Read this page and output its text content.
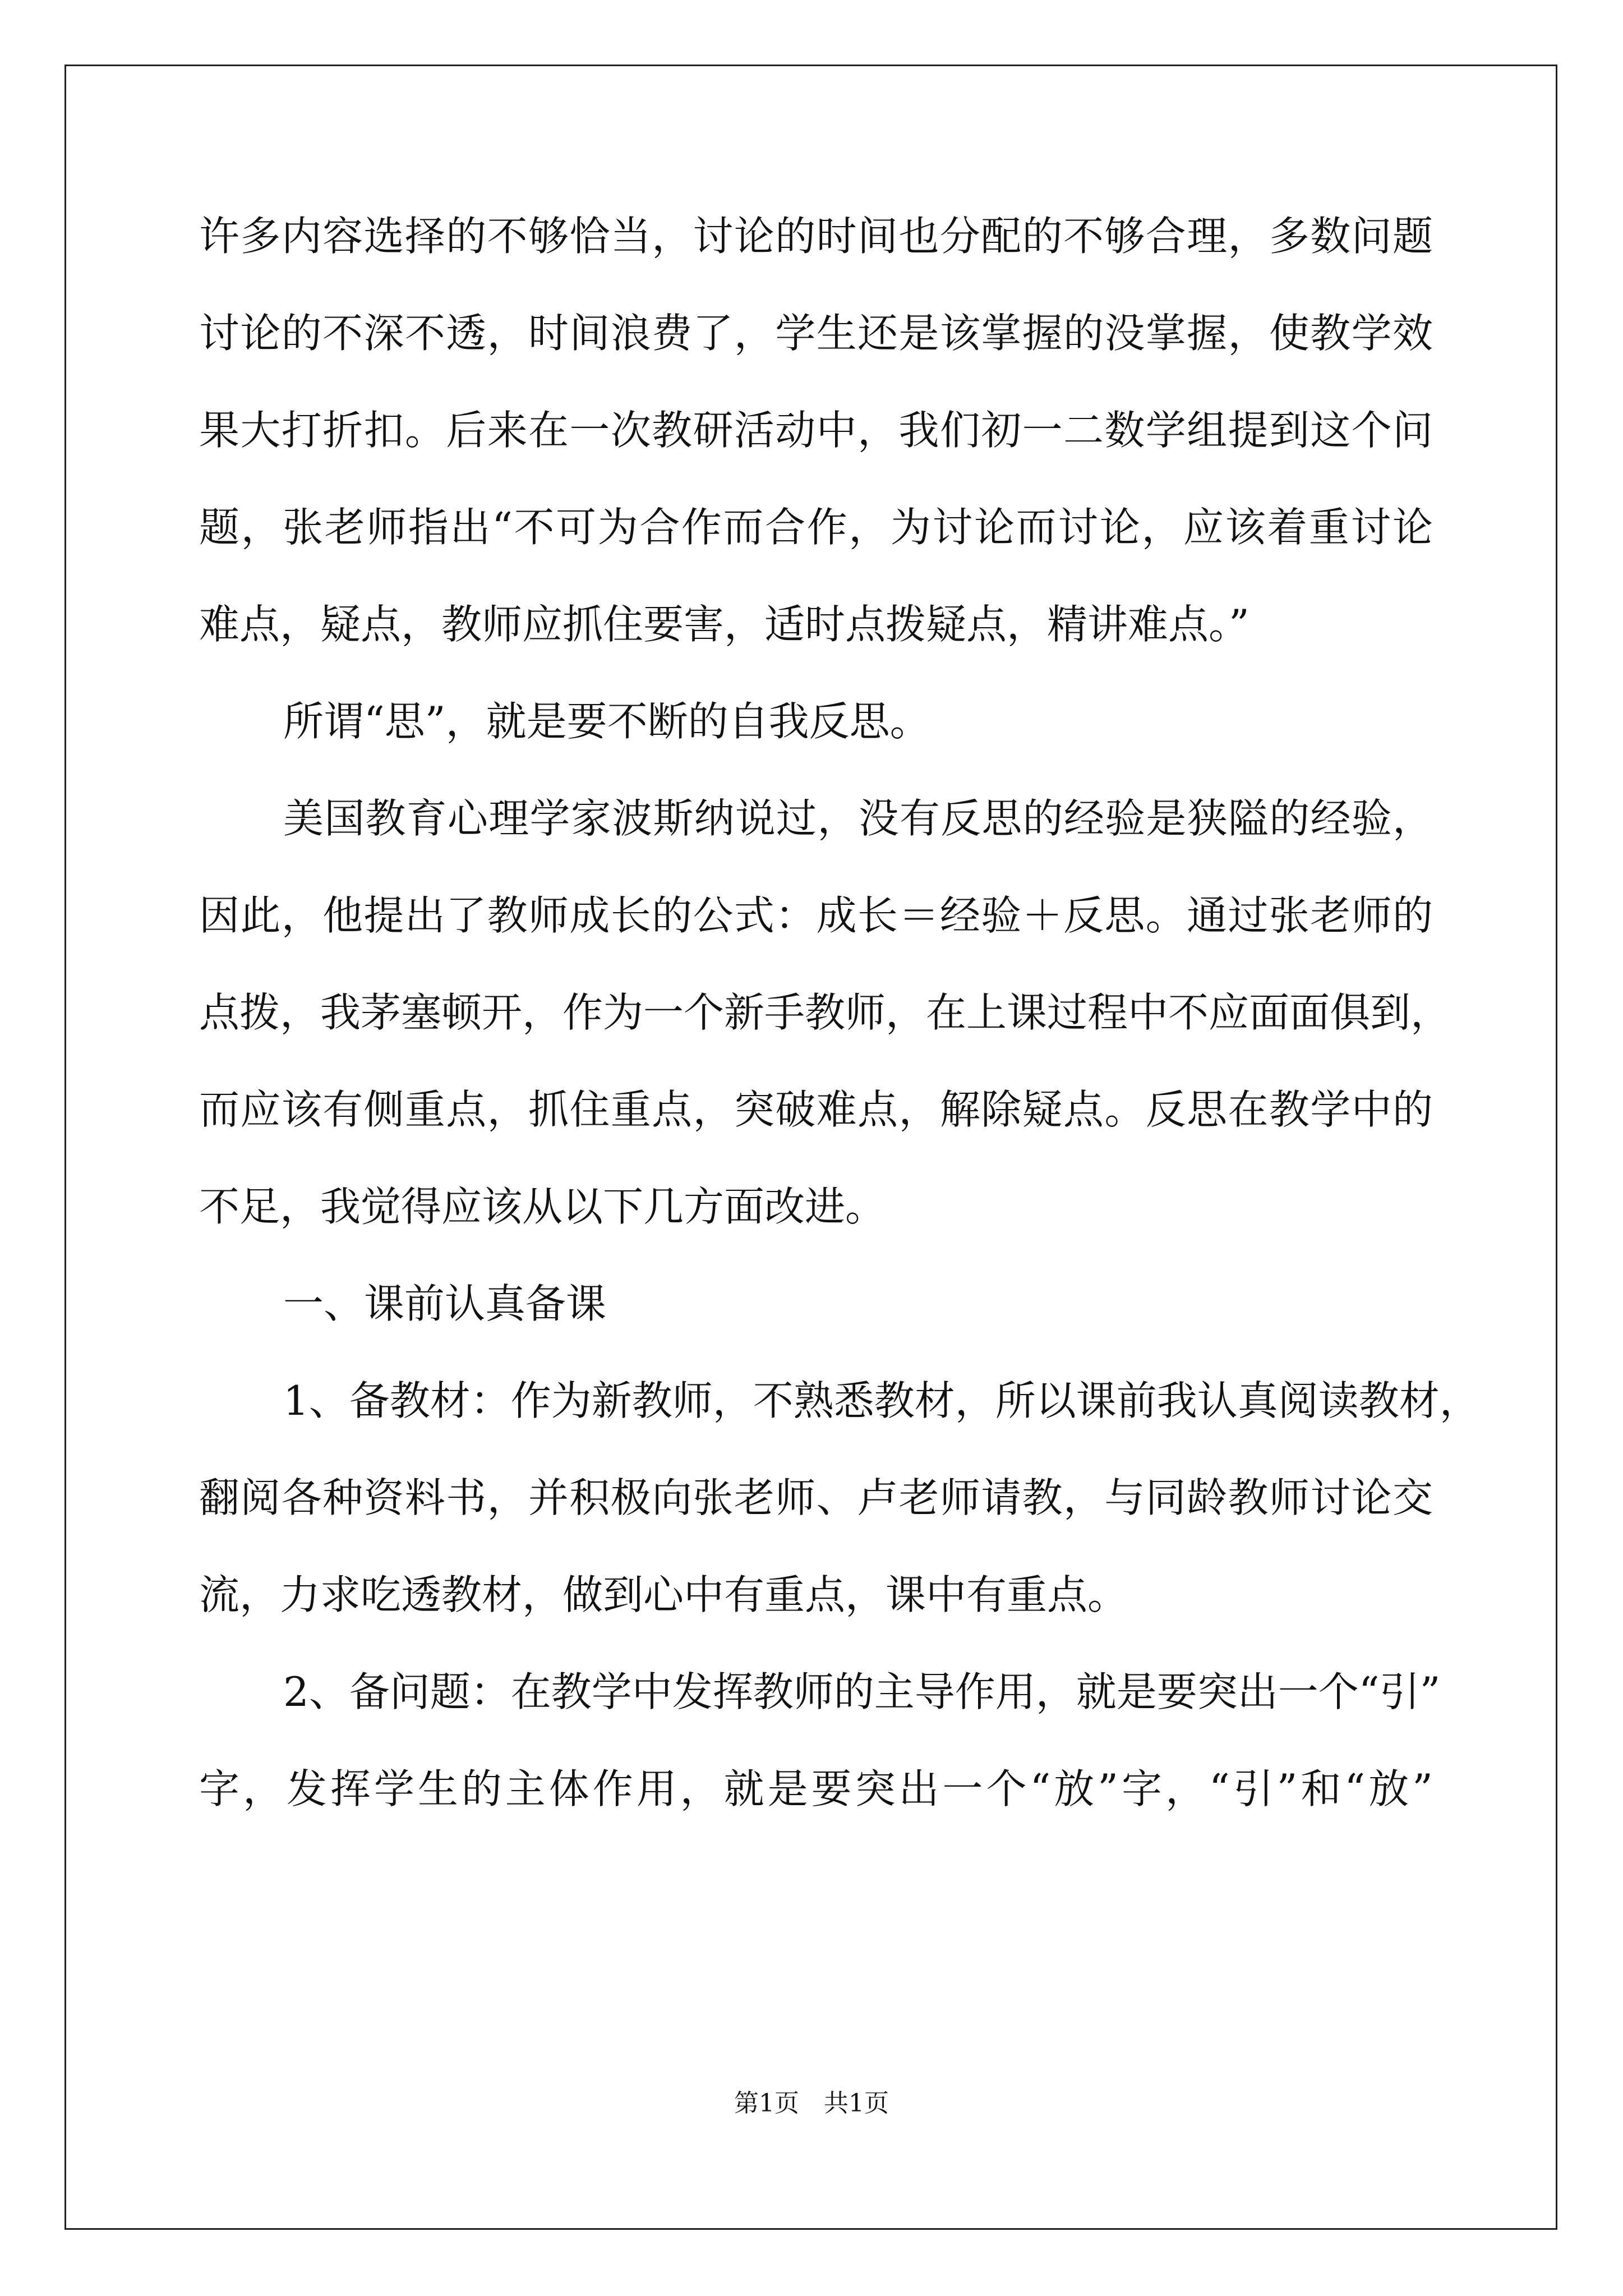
许多内容选择的不够恰当，讨论的时间也分配的不够合理，多数问题
讨论的不深不透，时间浪费了，学生还是该掌握的没掌握，使教学效
果大打折扣。后来在一次教研活动中，我们初一二数学组提到这个问
题，张老师指出“不可为合作而合作，为讨论而讨论，应该着重讨论
难点，疑点，教师应抓住要害，适时点拨疑点，精讲难点。”
所谓“思”，就是要不断的自我反思。
美国教育心理学家波斯纳说过，没有反思的经验是狭隘的经验，
因此，他提出了教师成长的公式：成长＝经验＋反思。通过张老师的
点拨，我茅塞顿开，作为一个新手教师，在上课过程中不应面面俱到，
而应该有侧重点，抓住重点，突破难点，解除疑点。反思在教学中的
不足，我觉得应该从以下几方面改进。
一、课前认真备课
1、备教材：作为新教师，不熟悉教材，所以课前我认真阅读教材，
翻阅各种资料书，并积极向张老师、卢老师请教，与同龄教师讨论交
流，力求吃透教材，做到心中有重点，课中有重点。
2、备问题：在教学中发挥教师的主导作用，就是要突出一个“引”
字，发挥学生的主体作用，就是要突出一个“放”字，“引”和“放”
第1页　共1页
